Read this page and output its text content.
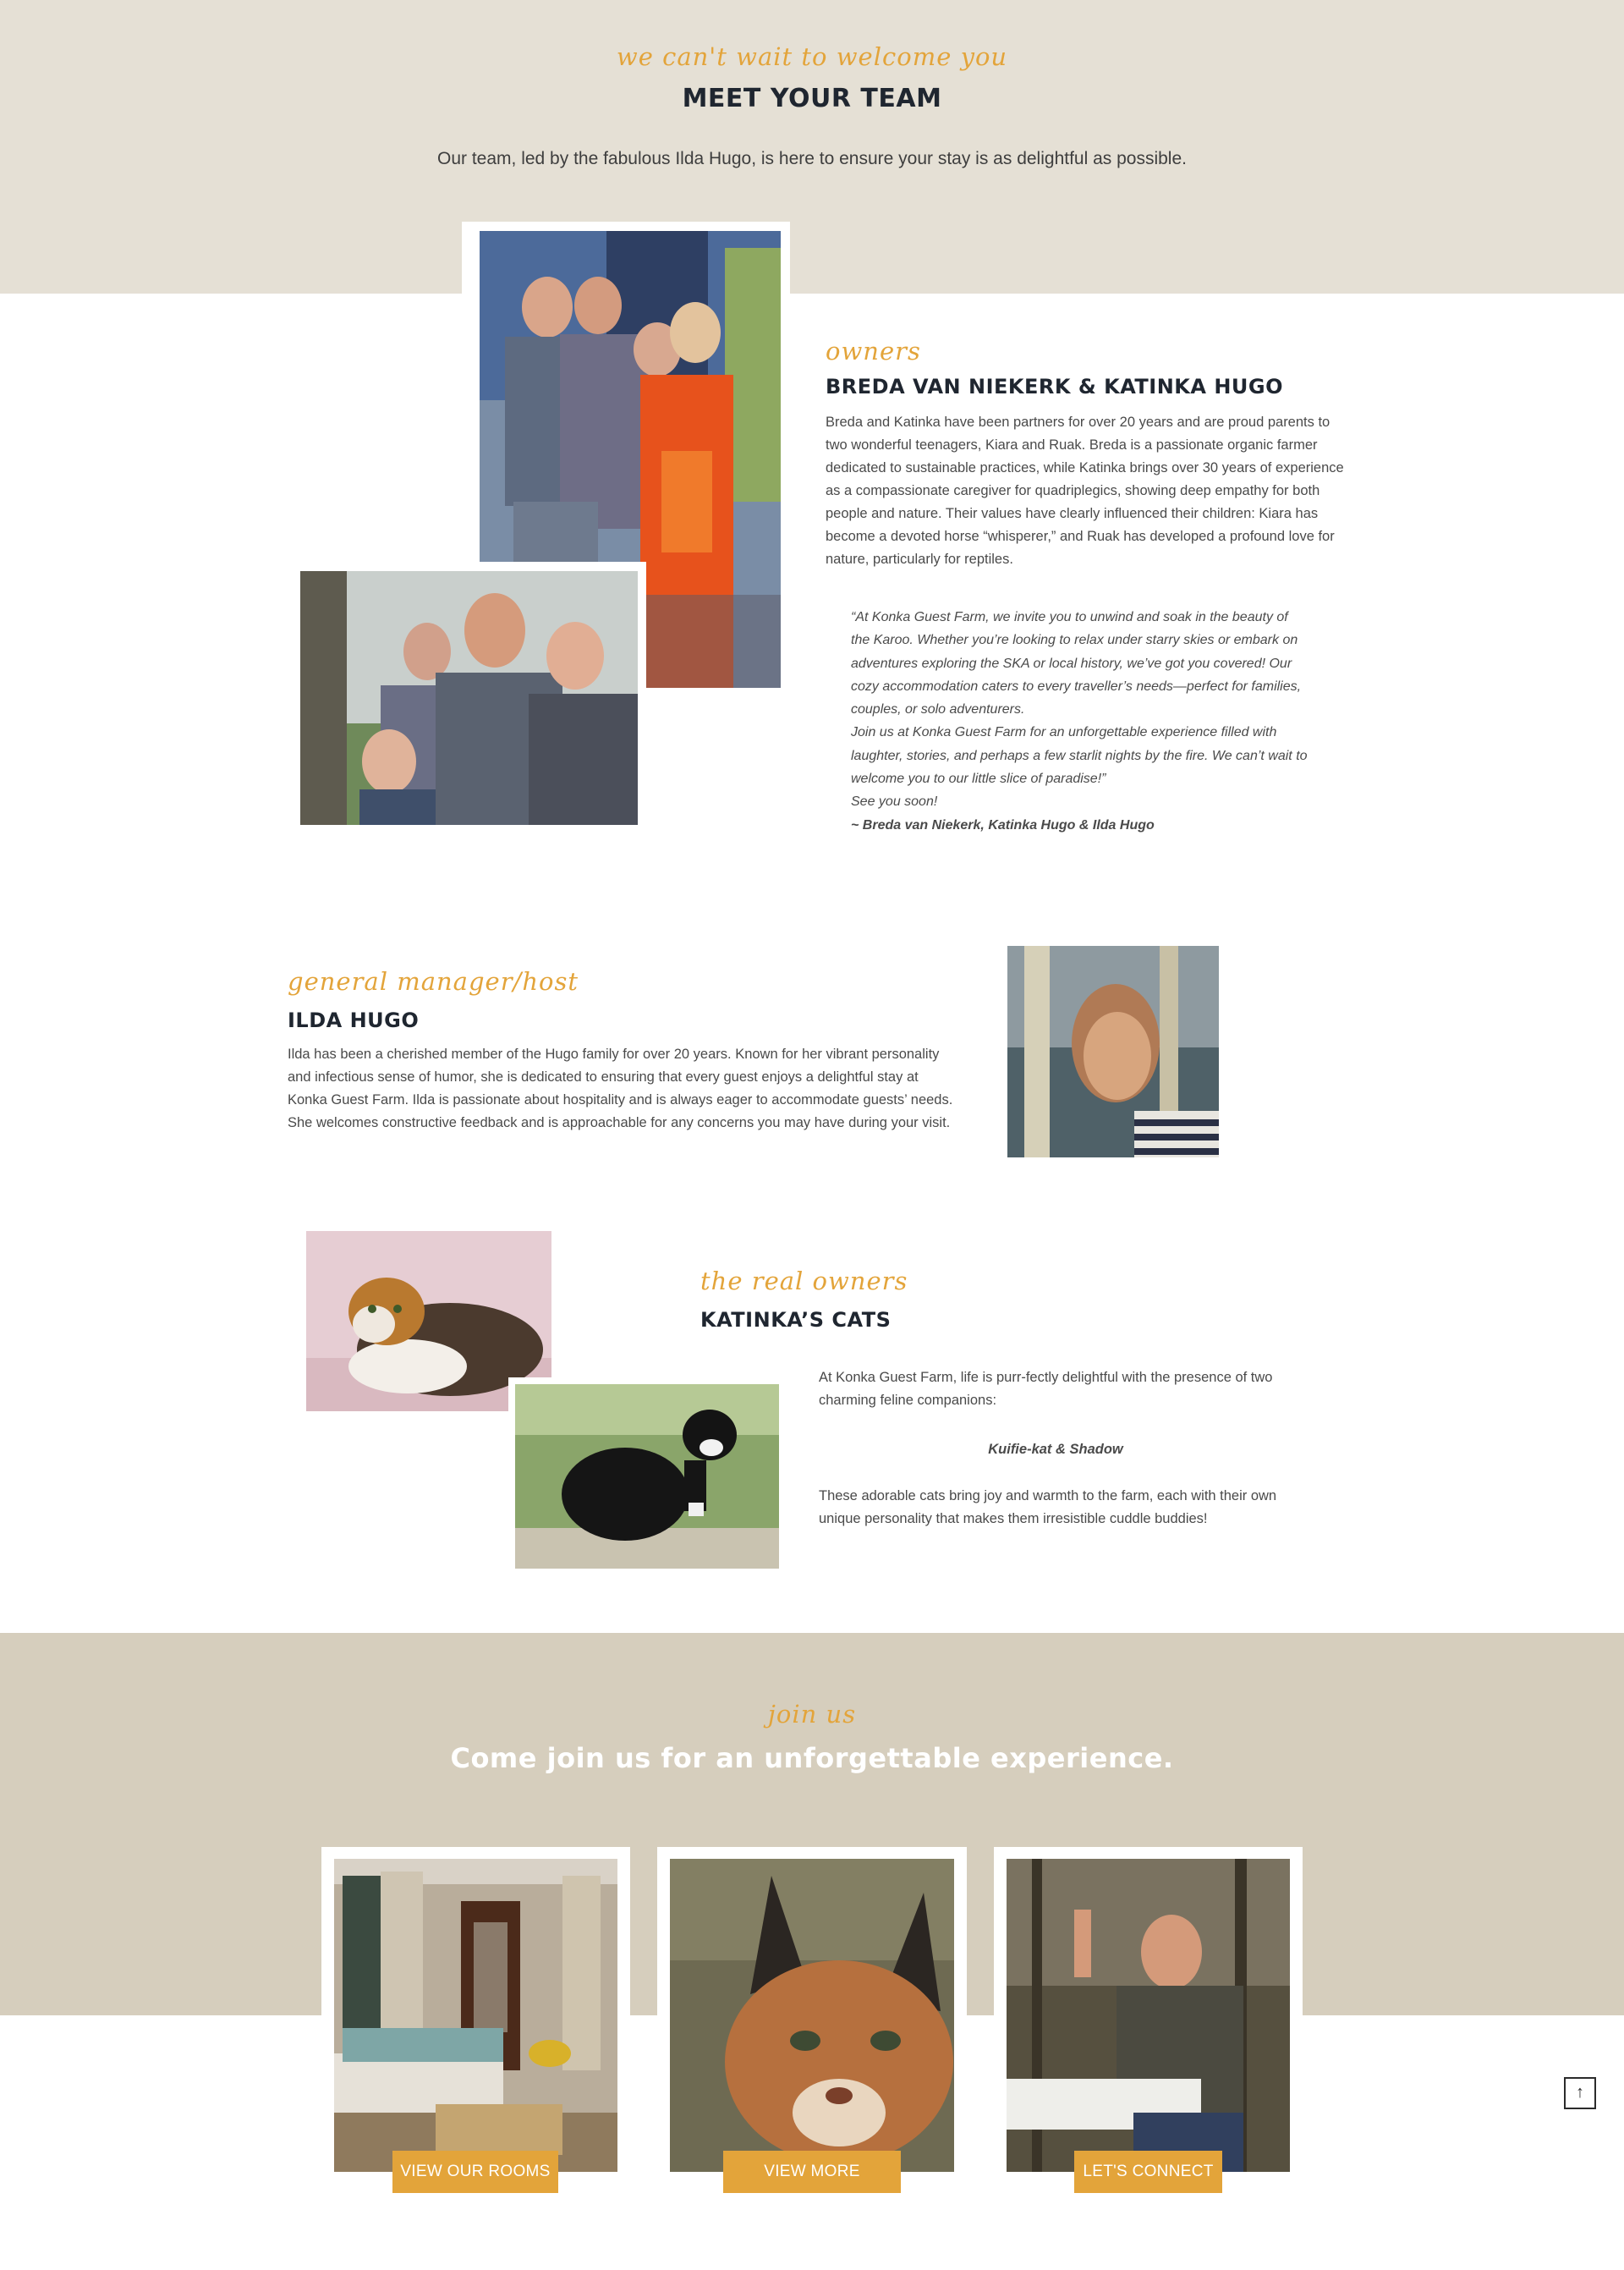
we can't wait to welcome you
MEET YOUR TEAM
Our team, led by the fabulous Ilda Hugo, is here to ensure your stay is as delightful as possible.
owners
BREDA VAN NIEKERK & KATINKA HUGO

Breda and Katinka have been partners for over 20 years and are proud parents to two wonderful teenagers, Kiara and Ruak. Breda is a passionate organic farmer dedicated to sustainable practices, while Katinka brings over 30 years of experience as a compassionate caregiver for quadriplegics, showing deep empathy for both people and nature. Their values have clearly influenced their children: Kiara has become a devoted horse “whisperer,” and Ruak has developed a profound love for nature, particularly for reptiles.

“At Konka Guest Farm, we invite you to unwind and soak in the beauty of the Karoo. Whether you’re looking to relax under starry skies or embark on adventures exploring the SKA or local history, we’ve got you covered! Our cozy accommodation caters to every traveller’s needs—perfect for families, couples, or solo adventurers.

Join us at Konka Guest Farm for an unforgettable experience filled with laughter, stories, and perhaps a few starlit nights by the fire. We can’t wait to welcome you to our little slice of paradise!”

See you soon!

~ Breda van Niekerk, Katinka Hugo & Ilda Hugo

general manager/host
ILDA HUGO

Ilda has been a cherished member of the Hugo family for over 20 years. Known for her vibrant personality and infectious sense of humor, she is dedicated to ensuring that every guest enjoys a delightful stay at Konka Guest Farm. Ilda is passionate about hospitality and is always eager to accommodate guests’ needs. She welcomes constructive feedback and is approachable for any concerns you may have during your visit.

the real owners
KATINKA’S CATS

At Konka Guest Farm, life is purr-fectly delightful with the presence of two charming feline companions:

Kuifie-kat & Shadow

These adorable cats bring joy and warmth to the farm, each with their own unique personality that makes them irresistible cuddle buddies!

join us
Come join us for an unforgettable experience.
VIEW OUR ROOMS	VIEW MORE ATTRACTIONS
LET'S CONNECT
↑
